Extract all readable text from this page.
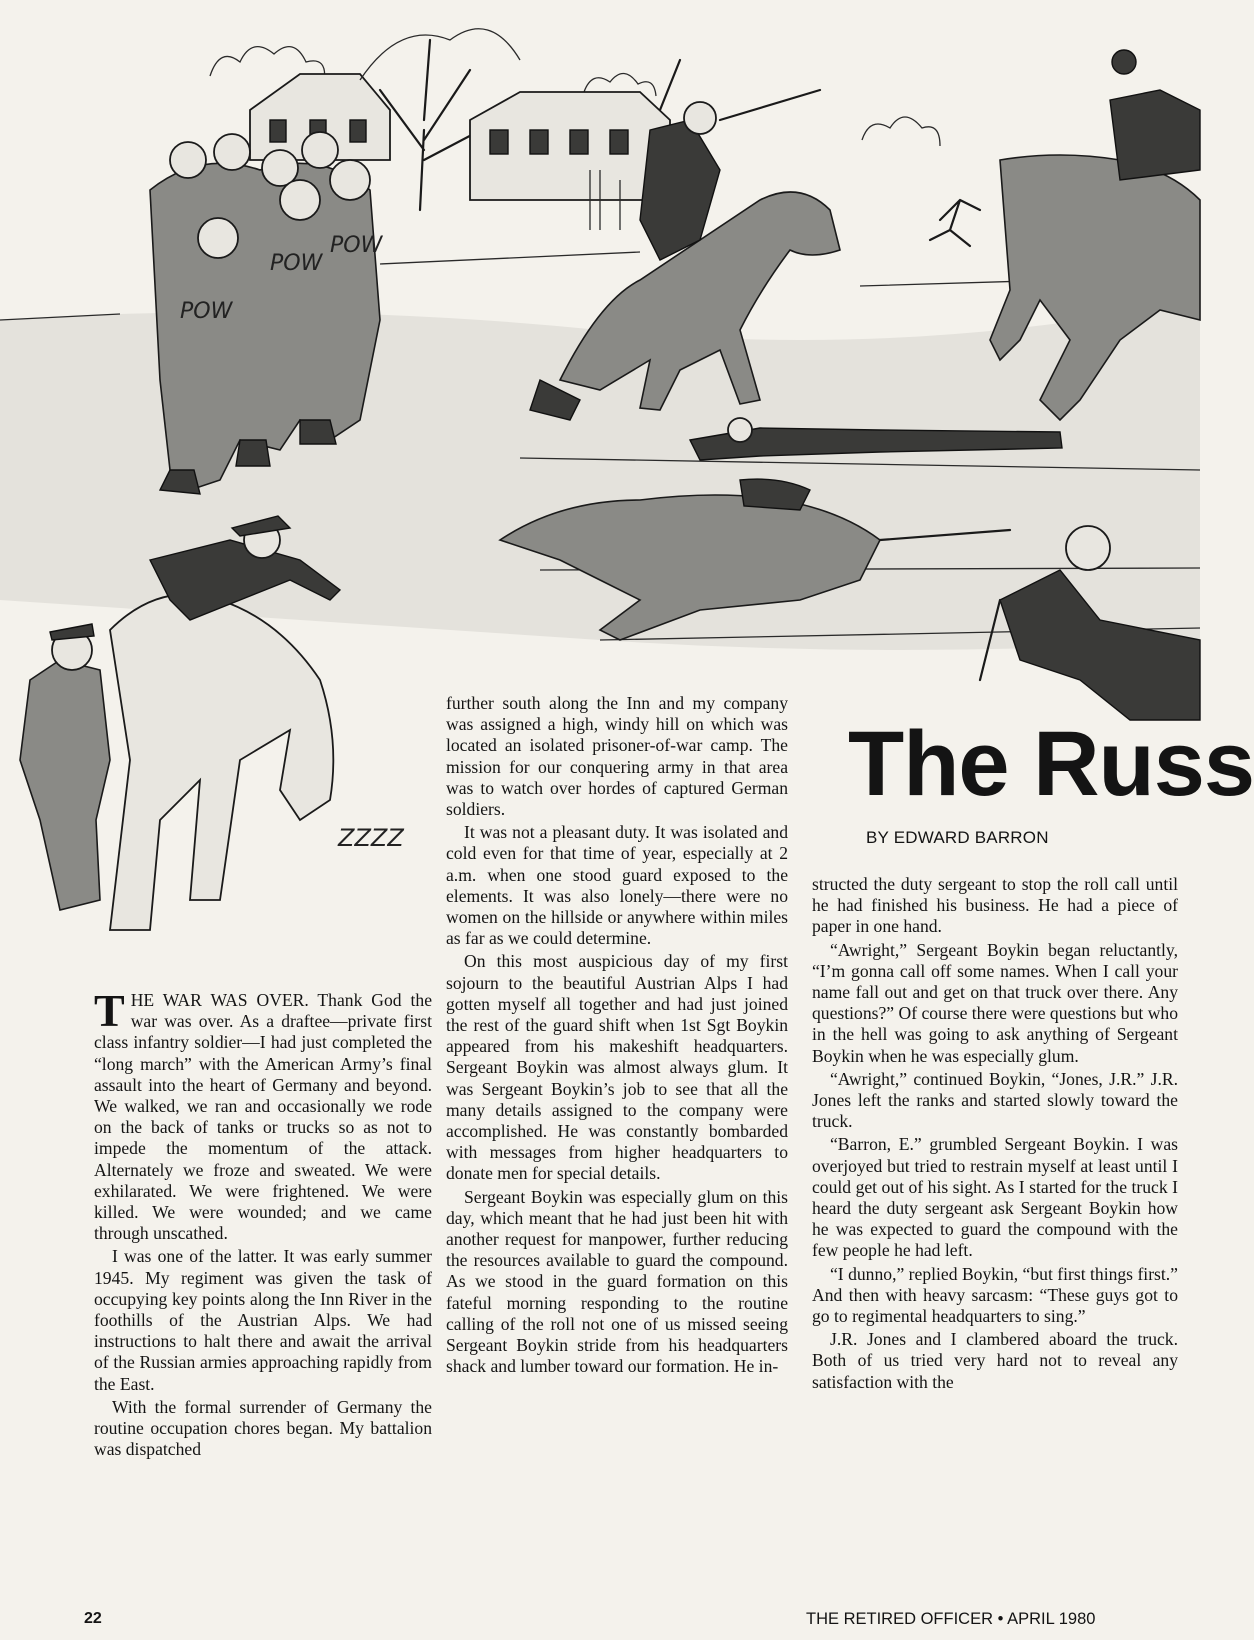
POW
POW
POW
ZZZZ
The Russ
BY EDWARD BARRON

THE WAR WAS OVER. Thank God the war was over. As a draftee—private first class infantry soldier—I had just completed the “long march” with the American Army’s final assault into the heart of Germany and beyond. We walked, we ran and occasionally we rode on the back of tanks or trucks so as not to impede the momentum of the attack. Alternately we froze and sweated. We were exhilarated. We were frightened. We were killed. We were wounded; and we came through unscathed.

I was one of the latter. It was early summer 1945. My regiment was given the task of occupying key points along the Inn River in the foothills of the Austrian Alps. We had instructions to halt there and await the arrival of the Russian armies approaching rapidly from the East.

With the formal surrender of Germany the routine occupation chores began. My battalion was dispatched

further south along the Inn and my company was assigned a high, windy hill on which was located an isolated prisoner-of-war camp. The mission for our conquering army in that area was to watch over hordes of captured German soldiers.

It was not a pleasant duty. It was isolated and cold even for that time of year, especially at 2 a.m. when one stood guard exposed to the elements. It was also lonely—there were no women on the hillside or anywhere within miles as far as we could determine.

On this most auspicious day of my first sojourn to the beautiful Austrian Alps I had gotten myself all together and had just joined the rest of the guard shift when 1st Sgt Boykin appeared from his makeshift headquarters. Sergeant Boykin was almost always glum. It was Sergeant Boykin’s job to see that all the many details assigned to the company were accomplished. He was constantly bombarded with messages from higher headquarters to donate men for special details.

Sergeant Boykin was especially glum on this day, which meant that he had just been hit with another request for manpower, further reducing the resources available to guard the compound. As we stood in the guard formation on this fateful morning responding to the routine calling of the roll not one of us missed seeing Sergeant Boykin stride from his headquarters shack and lumber toward our formation. He in-

structed the duty sergeant to stop the roll call until he had finished his business. He had a piece of paper in one hand.

“Awright,” Sergeant Boykin began reluctantly, “I’m gonna call off some names. When I call your name fall out and get on that truck over there. Any questions?” Of course there were questions but who in the hell was going to ask anything of Sergeant Boykin when he was especially glum.

“Awright,” continued Boykin, “Jones, J.R.” J.R. Jones left the ranks and started slowly toward the truck.

“Barron, E.” grumbled Sergeant Boykin. I was overjoyed but tried to restrain myself at least until I could get out of his sight. As I started for the truck I heard the duty sergeant ask Sergeant Boykin how he was expected to guard the compound with the few people he had left.

“I dunno,” replied Boykin, “but first things first.” And then with heavy sarcasm: “These guys got to go to regimental headquarters to sing.”

J.R. Jones and I clambered aboard the truck. Both of us tried very hard not to reveal any satisfaction with the

22	THE RETIRED OFFICER • APRIL 1980
